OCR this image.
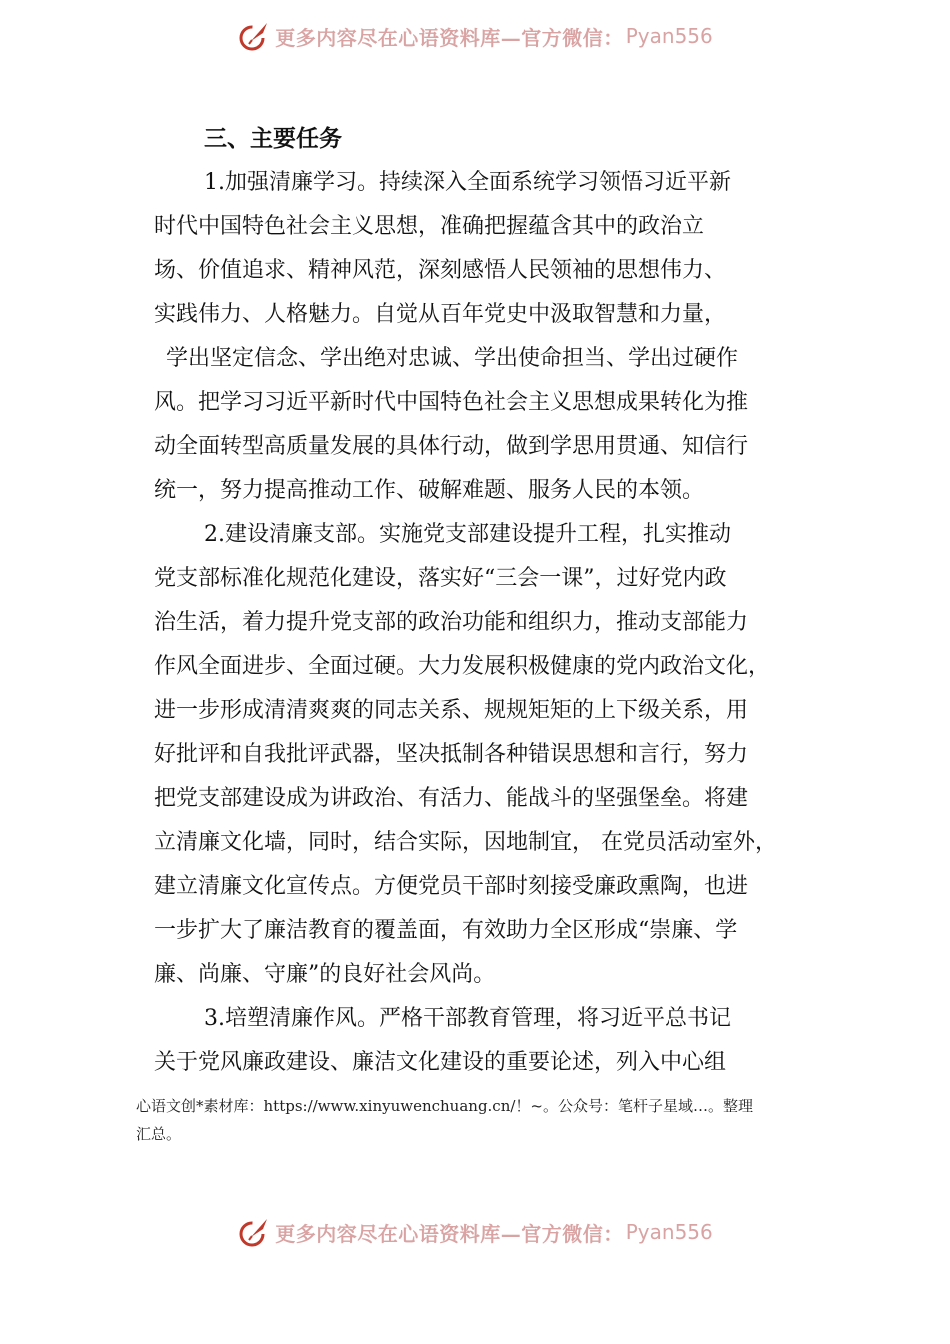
更多内容尽在心语资料库—官方微信： Pyan556
三、主要任务
1.加强清廉学习。持续深入全面系统学习领悟习近平新
时代中国特色社会主义思想，准确把握蕴含其中的政治立
场、价值追求、精神风范，深刻感悟人民领袖的思想伟力、
实践伟力、人格魅力。自觉从百年党史中汲取智慧和力量，
学出坚定信念、学出绝对忠诚、学出使命担当、学出过硬作
风。把学习习近平新时代中国特色社会主义思想成果转化为推
动全面转型高质量发展的具体行动，做到学思用贯通、知信行
统一，努力提高推动工作、破解难题、服务人民的本领。
2.建设清廉支部。实施党支部建设提升工程，扎实推动
党支部标准化规范化建设，落实好“三会一课”，过好党内政
治生活，着力提升党支部的政治功能和组织力，推动支部能力
作风全面进步、全面过硬。大力发展积极健康的党内政治文化，
进一步形成清清爽爽的同志关系、规规矩矩的上下级关系，用
好批评和自我批评武器，坚决抵制各种错误思想和言行，努力
把党支部建设成为讲政治、有活力、能战斗的坚强堡垒。将建
立清廉文化墙，同时，结合实际，因地制宜， 在党员活动室外，
建立清廉文化宣传点。方便党员干部时刻接受廉政熏陶，也进
一步扩大了廉洁教育的覆盖面，有效助力全区形成“崇廉、学
廉、尚廉、守廉”的良好社会风尚。
3.培塑清廉作风。严格干部教育管理，将习近平总书记
关于党风廉政建设、廉洁文化建设的重要论述，列入中心组
心语文创*素材库：https://www.xinyuwenchuang.cn/！~。公众号：笔杆子星域…。整理
汇总。
更多内容尽在心语资料库—官方微信： Pyan556
